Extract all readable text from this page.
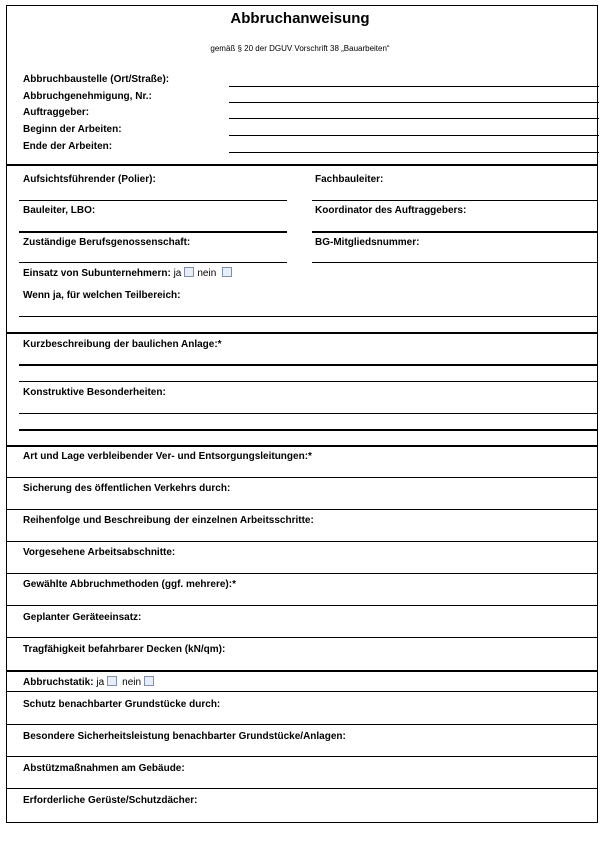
Abbruchanweisung
gemäß § 20 der DGUV Vorschrift 38 „Bauarbeiten“
Abbruchbaustelle (Ort/Straße):
Abbruchgenehmigung, Nr.:
Auftraggeber:
Beginn der Arbeiten:
Ende der Arbeiten:
Aufsichtsführender (Polier):	Fachbauleiter:
Bauleiter, LBO:	Koordinator des Auftraggebers:
Zuständige Berufsgenossenschaft:	BG-Mitgliedsnummer:
Einsatz von Subunternehmern: ja nein
Wenn ja, für welchen Teilbereich:
Kurzbeschreibung der baulichen Anlage:*
Konstruktive Besonderheiten:
Art und Lage verbleibender Ver- und Entsorgungsleitungen:*
Sicherung des öffentlichen Verkehrs durch:
Reihenfolge und Beschreibung der einzelnen Arbeitsschritte:
Vorgesehene Arbeitsabschnitte:
Gewählte Abbruchmethoden (ggf. mehrere):*
Geplanter Geräteeinsatz:
Tragfähigkeit befahrbarer Decken (kN/qm):
Abbruchstatik: ja nein
Schutz benachbarter Grundstücke durch:
Besondere Sicherheitsleistung benachbarter Grundstücke/Anlagen:
Abstützmaßnahmen am Gebäude:
Erforderliche Gerüste/Schutzdächer:
